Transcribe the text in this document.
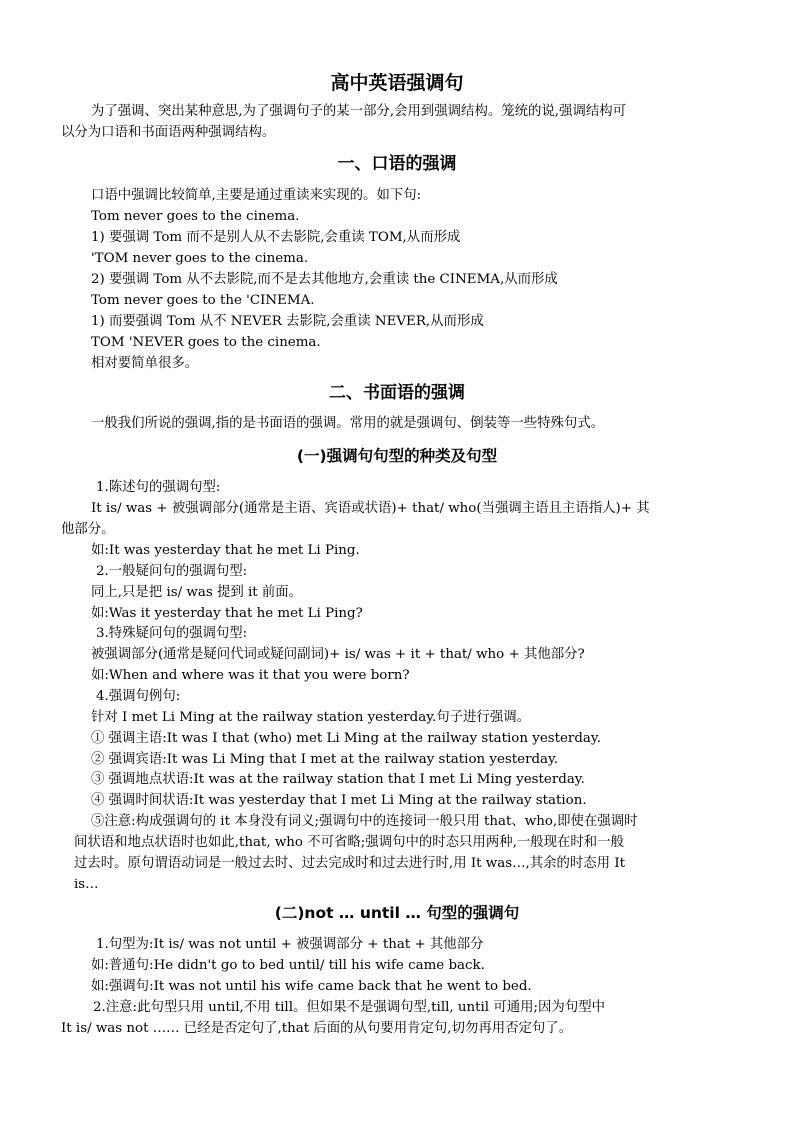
高中英语强调句
为了强调、突出某种意思,为了强调句子的某一部分,会用到强调结构。笼统的说,强调结构可
以分为口语和书面语两种强调结构。
一、口语的强调
口语中强调比较简单,主要是通过重读来实现的。如下句:
Tom never goes to the cinema.
1) 要强调 Tom 而不是别人从不去影院,会重读 TOM,从而形成
'TOM never goes to the cinema.
2) 要强调 Tom 从不去影院,而不是去其他地方,会重读 the CINEMA,从而形成
Tom never goes to the 'CINEMA.
1) 而要强调 Tom 从不 NEVER 去影院,会重读 NEVER,从而形成
TOM 'NEVER goes to the cinema.
相对要简单很多。
二、书面语的强调
一般我们所说的强调,指的是书面语的强调。常用的就是强调句、倒装等一些特殊句式。
(一)强调句句型的种类及句型
1.陈述句的强调句型:
It is/ was + 被强调部分(通常是主语、宾语或状语)+ that/ who(当强调主语且主语指人)+ 其
他部分。
如:It was yesterday that he met Li Ping.
2.一般疑问句的强调句型:
同上,只是把 is/ was 提到 it 前面。
如:Was it yesterday that he met Li Ping?
3.特殊疑问句的强调句型:
被强调部分(通常是疑问代词或疑问副词)+ is/ was + it + that/ who + 其他部分?
如:When and where was it that you were born?
4.强调句例句:
针对 I met Li Ming at the railway station yesterday.句子进行强调。
① 强调主语:It was I that (who) met Li Ming at the railway station yesterday.
② 强调宾语:It was Li Ming that I met at the railway station yesterday.
③ 强调地点状语:It was at the railway station that I met Li Ming yesterday.
④ 强调时间状语:It was yesterday that I met Li Ming at the railway station.
⑤注意:构成强调句的 it 本身没有词义;强调句中的连接词一般只用 that、who,即使在强调时
间状语和地点状语时也如此,that, who 不可省略;强调句中的时态只用两种,一般现在时和一般
过去时。原句谓语动词是一般过去时、过去完成时和过去进行时,用 It was…,其余的时态用 It
is…
(二)not … until … 句型的强调句
1.句型为:It is/ was not until + 被强调部分 + that + 其他部分
如:普通句:He didn't go to bed until/ till his wife came back.
如:强调句:It was not until his wife came back that he went to bed.
2.注意:此句型只用 until,不用 till。但如果不是强调句型,till, until 可通用;因为句型中
It is/ was not …… 已经是否定句了,that 后面的从句要用肯定句,切勿再用否定句了。
